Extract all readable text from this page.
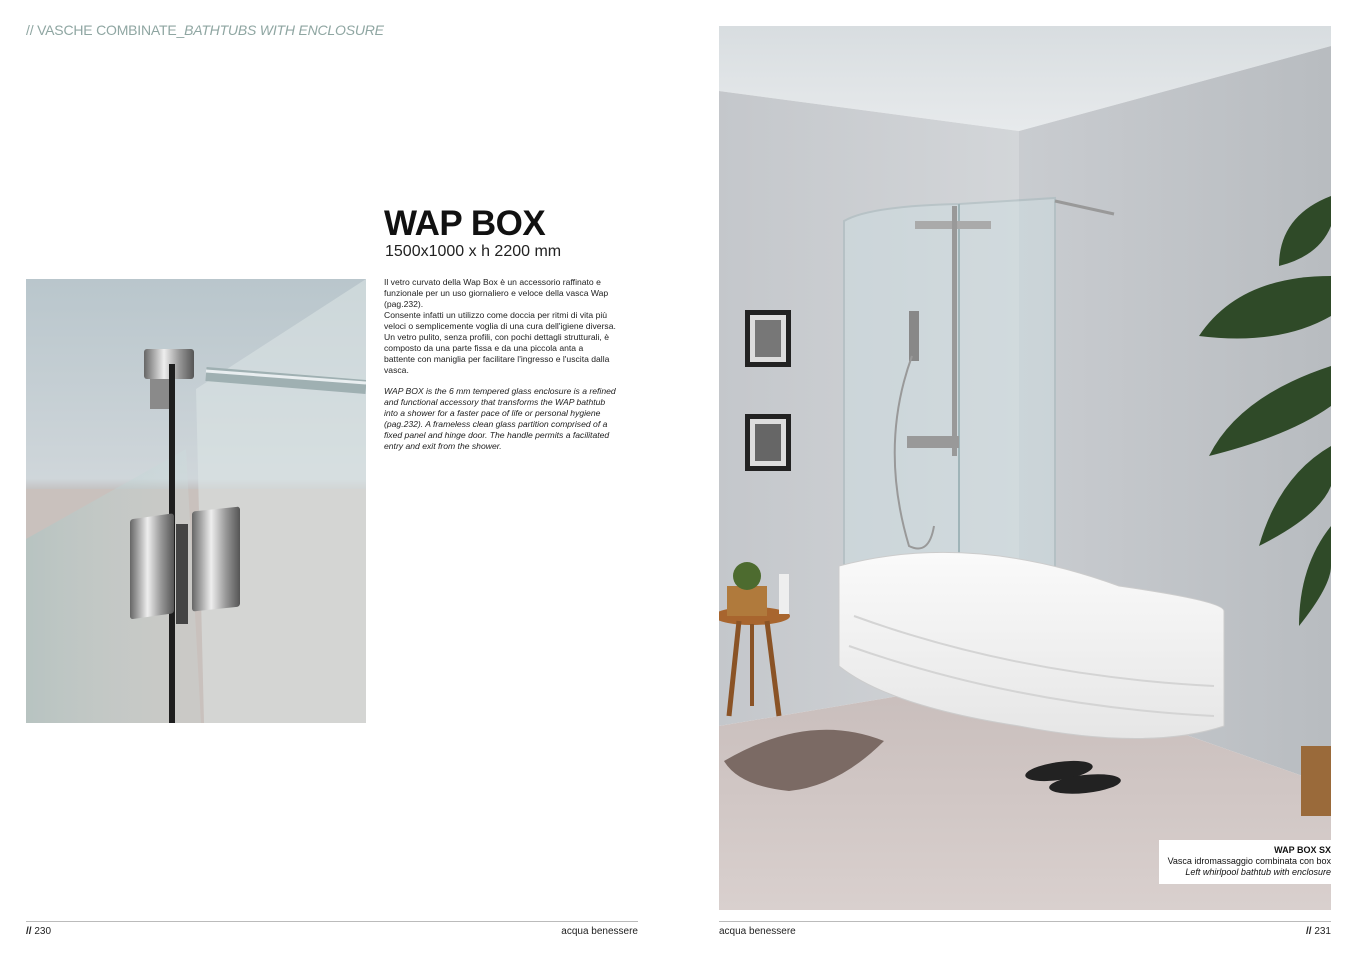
// VASCHE COMBINATE_BATHTUBS WITH ENCLOSURE
WAP BOX
1500x1000 x h 2200 mm
Il vetro curvato della Wap Box è un accessorio raffinato e funzionale per un uso giornaliero e veloce della vasca Wap (pag.232).
Consente infatti un utilizzo come doccia per ritmi di vita più veloci o semplicemente voglia di una cura dell'igiene diversa. Un vetro pulito, senza profili, con pochi dettagli strutturali, è composto da una parte fissa e da una piccola anta a battente con maniglia per facilitare l'ingresso e l'uscita dalla vasca.
WAP BOX is the 6 mm tempered glass enclosure is a refined and functional accessory that transforms the WAP bathtub into a shower for a faster pace of life or personal hygiene (pag.232). A frameless clean glass partition comprised of a fixed panel and hinge door. The handle permits a facilitated entry and exit from the shower.
WAP BOX SX
Vasca idromassaggio combinata con box
Left whirlpool bathtub with enclosure
// 230	acqua benessere	acqua benessere	// 231
